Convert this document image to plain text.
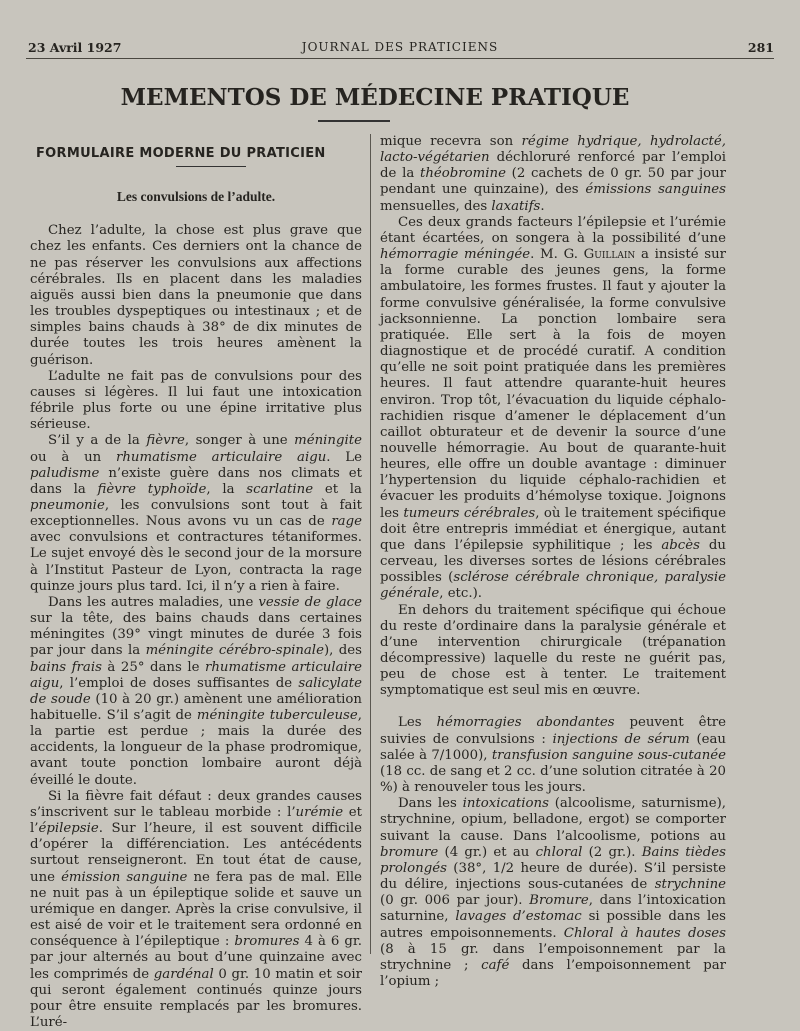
23 Avril 1927	JOURNAL DES PRATICIENS	281
MEMENTOS DE MÉDECINE PRATIQUE
FORMULAIRE MODERNE DU PRATICIEN
Les convulsions de l’adulte.

Chez l’adulte, la chose est plus grave que chez les enfants. Ces derniers ont la chance de ne pas réserver les convulsions aux affections cérébrales. Ils en placent dans les maladies aiguës aussi bien dans la pneumonie que dans les troubles dyspeptiques ou intestinaux ; et de simples bains chauds à 38° de dix minutes de durée toutes les trois heures amènent la guérison.

L’adulte ne fait pas de convulsions pour des causes si légères. Il lui faut une intoxication fébrile plus forte ou une épine irritative plus sérieuse.

S’il y a de la fièvre, songer à une méningite ou à un rhumatisme articulaire aigu. Le paludisme n’existe guère dans nos climats et dans la fièvre typhoïde, la scarlatine et la pneumonie, les convulsions sont tout à fait exceptionnelles. Nous avons vu un cas de rage avec convulsions et contractures tétaniformes. Le sujet envoyé dès le second jour de la morsure à l’Institut Pasteur de Lyon, contracta la rage quinze jours plus tard. Ici, il n’y a rien à faire.

Dans les autres maladies, une vessie de glace sur la tête, des bains chauds dans certaines méningites (39° vingt minutes de durée 3 fois par jour dans la méningite cérébro-spinale), des bains frais à 25° dans le rhumatisme articulaire aigu, l’emploi de doses suffisantes de salicylate de soude (10 à 20 gr.) amènent une amélioration habituelle. S’il s’agit de méningite tuberculeuse, la partie est perdue ; mais la durée des accidents, la longueur de la phase prodromique, avant toute ponction lombaire auront déjà éveillé le doute.

Si la fièvre fait défaut : deux grandes causes s’inscrivent sur le tableau morbide : l’urémie et l’épilepsie. Sur l’heure, il est souvent difficile d’opérer la différenciation. Les antécédents surtout renseigneront. En tout état de cause, une émission sanguine ne fera pas de mal. Elle ne nuit pas à un épileptique solide et sauve un urémique en danger. Après la crise convulsive, il est aisé de voir et le traitement sera ordonné en conséquence à l’épileptique : bromures 4 à 6 gr. par jour alternés au bout d’une quinzaine avec les comprimés de gardénal 0 gr. 10 matin et soir qui seront également continués quinze jours pour être ensuite remplacés par les bromures. L’uré-

mique recevra son régime hydrique, hydrolacté, lacto-végétarien déchloruré renforcé par l’emploi de la théobromine (2 cachets de 0 gr. 50 par jour pendant une quinzaine), des émissions sanguines mensuelles, des laxatifs.

Ces deux grands facteurs l’épilepsie et l’urémie étant écartées, on songera à la possibilité d’une hémorragie méningée. M. G. Guillain a insisté sur la forme curable des jeunes gens, la forme ambulatoire, les formes frustes. Il faut y ajouter la forme convulsive généralisée, la forme convulsive jacksonnienne. La ponction lombaire sera pratiquée. Elle sert à la fois de moyen diagnostique et de procédé curatif. A condition qu’elle ne soit point pratiquée dans les premières heures. Il faut attendre quarante-huit heures environ. Trop tôt, l’évacuation du liquide céphalo-rachidien risque d’amener le déplacement d’un caillot obturateur et de devenir la source d’une nouvelle hémorragie. Au bout de quarante-huit heures, elle offre un double avantage : diminuer l’hypertension du liquide céphalo-rachidien et évacuer les produits d’hémolyse toxique. Joignons les tumeurs cérébrales, où le traitement spécifique doit être entrepris immédiat et énergique, autant que dans l’épilepsie syphilitique ; les abcès du cerveau, les diverses sortes de lésions cérébrales possibles (sclérose cérébrale chronique, paralysie générale, etc.).

En dehors du traitement spécifique qui échoue du reste d’ordinaire dans la paralysie générale et d’une intervention chirurgicale (trépanation décompressive) laquelle du reste ne guérit pas, peu de chose est à tenter. Le traitement symptomatique est seul mis en œuvre.

Les hémorragies abondantes peuvent être suivies de convulsions : injections de sérum (eau salée à 7/1000), transfusion sanguine sous-cutanée (18 cc. de sang et 2 cc. d’une solution citratée à 20 %) à renouveler tous les jours.

Dans les intoxications (alcoolisme, saturnisme), strychnine, opium, belladone, ergot) se comporter suivant la cause. Dans l’alcoolisme, potions au bromure (4 gr.) et au chloral (2 gr.). Bains tièdes prolongés (38°, 1/2 heure de durée). S’il persiste du délire, injections sous-cutanées de strychnine (0 gr. 006 par jour). Bromure, dans l’intoxication saturnine, lavages d’estomac si possible dans les autres empoisonnements. Chloral à hautes doses (8 à 15 gr. dans l’empoisonnement par la strychnine ; café dans l’empoisonnement par l’opium ;
